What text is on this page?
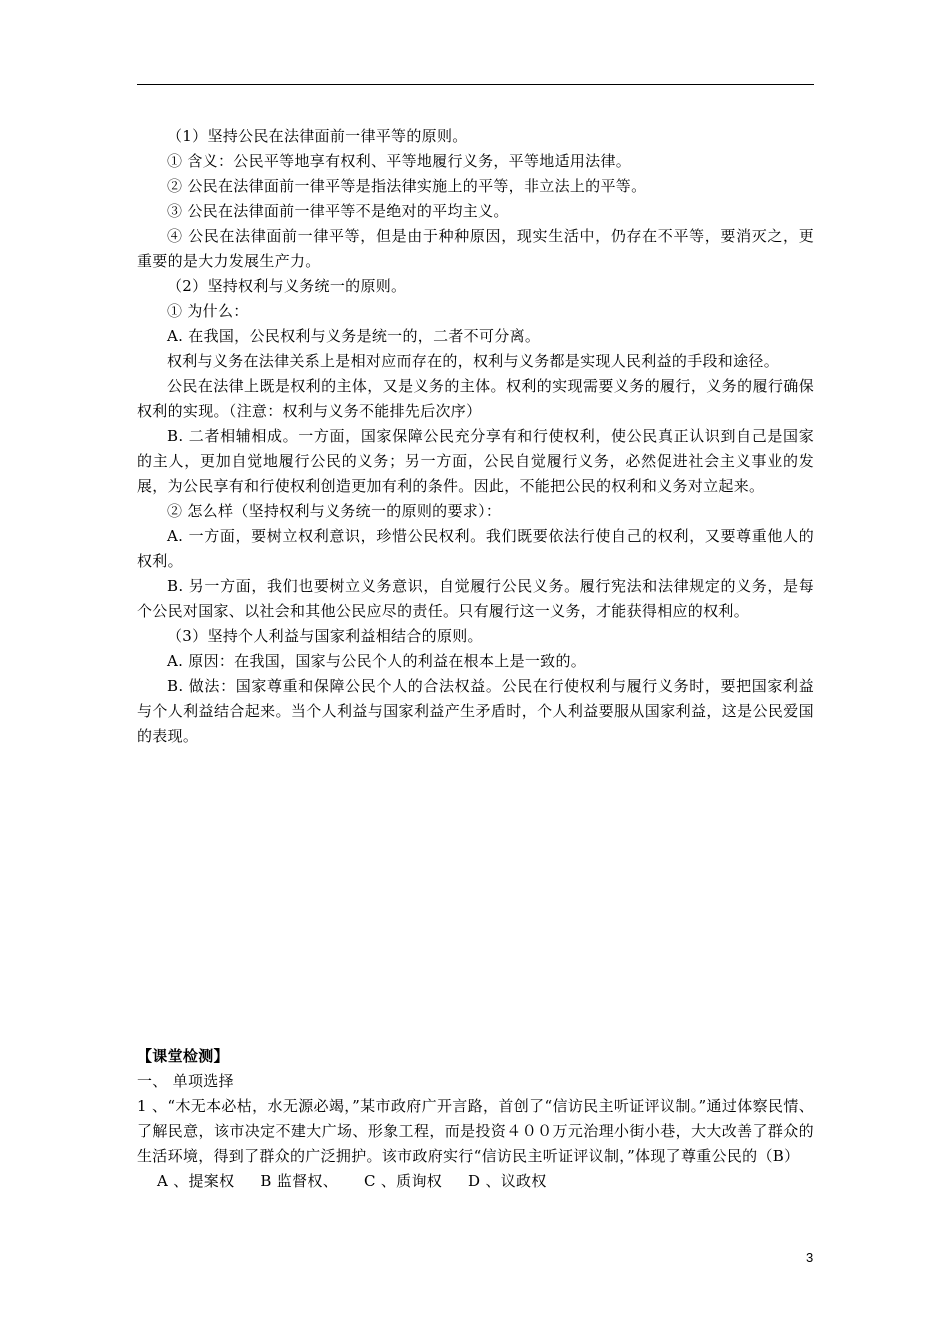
（1）坚持公民在法律面前一律平等的原则。

① 含义：公民平等地享有权利、平等地履行义务，平等地适用法律。

② 公民在法律面前一律平等是指法律实施上的平等，非立法上的平等。

③ 公民在法律面前一律平等不是绝对的平均主义。

④ 公民在法律面前一律平等，但是由于种种原因，现实生活中，仍存在不平等，要消灭之，更重要的是大力发展生产力。

（2）坚持权利与义务统一的原则。

① 为什么：

A. 在我国，公民权利与义务是统一的，二者不可分离。

权利与义务在法律关系上是相对应而存在的，权利与义务都是实现人民利益的手段和途径。

公民在法律上既是权利的主体，又是义务的主体。权利的实现需要义务的履行，义务的履行确保权利的实现。（注意：权利与义务不能排先后次序）

B. 二者相辅相成。一方面，国家保障公民充分享有和行使权利，使公民真正认识到自己是国家的主人，更加自觉地履行公民的义务；另一方面，公民自觉履行义务，必然促进社会主义事业的发展，为公民享有和行使权利创造更加有利的条件。因此，不能把公民的权利和义务对立起来。

② 怎么样（坚持权利与义务统一的原则的要求）：

A. 一方面，要树立权利意识，珍惜公民权利。我们既要依法行使自己的权利，又要尊重他人的权利。

B. 另一方面，我们也要树立义务意识，自觉履行公民义务。履行宪法和法律规定的义务，是每个公民对国家、以社会和其他公民应尽的责任。只有履行这一义务，才能获得相应的权利。

（3）坚持个人利益与国家利益相结合的原则。

A. 原因：在我国，国家与公民个人的利益在根本上是一致的。

B. 做法：国家尊重和保障公民个人的合法权益。公民在行使权利与履行义务时，要把国家利益与个人利益结合起来。当个人利益与国家利益产生矛盾时，个人利益要服从国家利益，这是公民爱国的表现。

【课堂检测】

一、 单项选择

1 、“木无本必枯，水无源必竭，”某市政府广开言路，首创了“信访民主听证评议制。”通过体察民情、了解民意，该市决定不建大广场、形象工程，而是投资４００万元治理小街小巷，大大改善了群众的生活环境，得到了群众的广泛拥护。该市政府实行“信访民主听证评议制，”体现了尊重公民的（B）

A 、提案权 B 监督权、 C 、质询权 D 、议政权
3
